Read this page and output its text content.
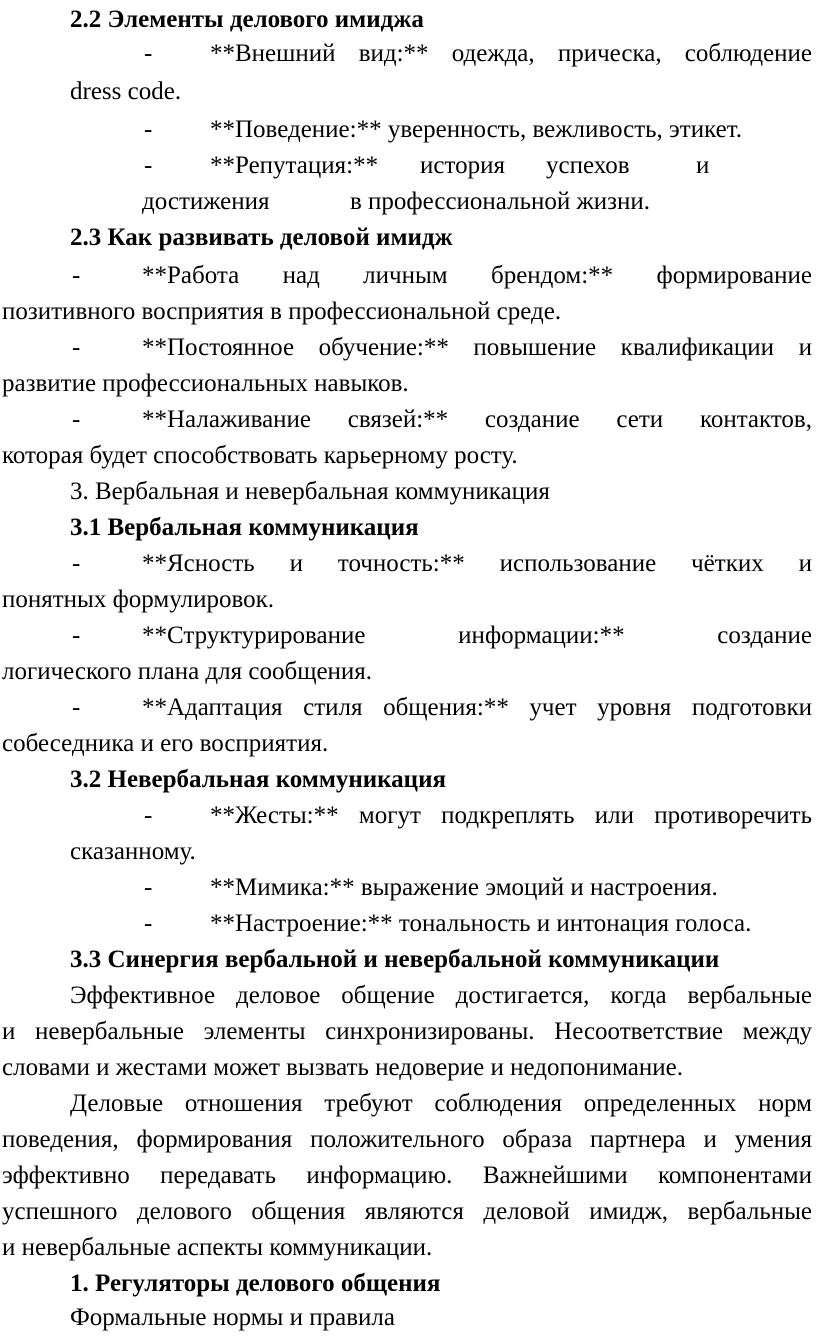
2.2 Элементы делового имиджа
- **Внешний вид:** одежда, прическа, соблюдение
dress code.
- **Поведение:** уверенность, вежливость, этикет.
- **Репутация:** история успехов	и
достижения	в профессиональной жизни.
2.3 Как развивать деловой имидж
- **Работа над личным брендом:** формирование
позитивного восприятия в профессиональной среде.
- **Постоянное обучение:** повышение квалификации и
развитие профессиональных навыков.
- **Налаживание связей:** создание сети контактов,
которая будет способствовать карьерному росту.
3. Вербальная и невербальная коммуникация
3.1 Вербальная коммуникация
- **Ясность и точность:** использование чётких и
понятных формулировок.
- **Структурирование информации:** создание
логического плана для сообщения.
- **Адаптация стиля общения:** учет уровня подготовки
собеседника и его восприятия.
3.2 Невербальная коммуникация
- **Жесты:** могут подкреплять или противоречить
сказанному.
- **Мимика:** выражение эмоций и настроения.
- **Настроение:** тональность и интонация голоса.
3.3 Синергия вербальной и невербальной коммуникации
Эффективное деловое общение достигается, когда вербальные
и невербальные элементы синхронизированы. Несоответствие между
словами и жестами может вызвать недоверие и недопонимание.
Деловые отношения требуют соблюдения определенных норм
поведения, формирования положительного образа партнера и умения
эффективно передавать информацию. Важнейшими компонентами
успешного делового общения являются деловой имидж, вербальные
и невербальные аспекты коммуникации.
1. Регуляторы делового общения
Формальные нормы и правила
